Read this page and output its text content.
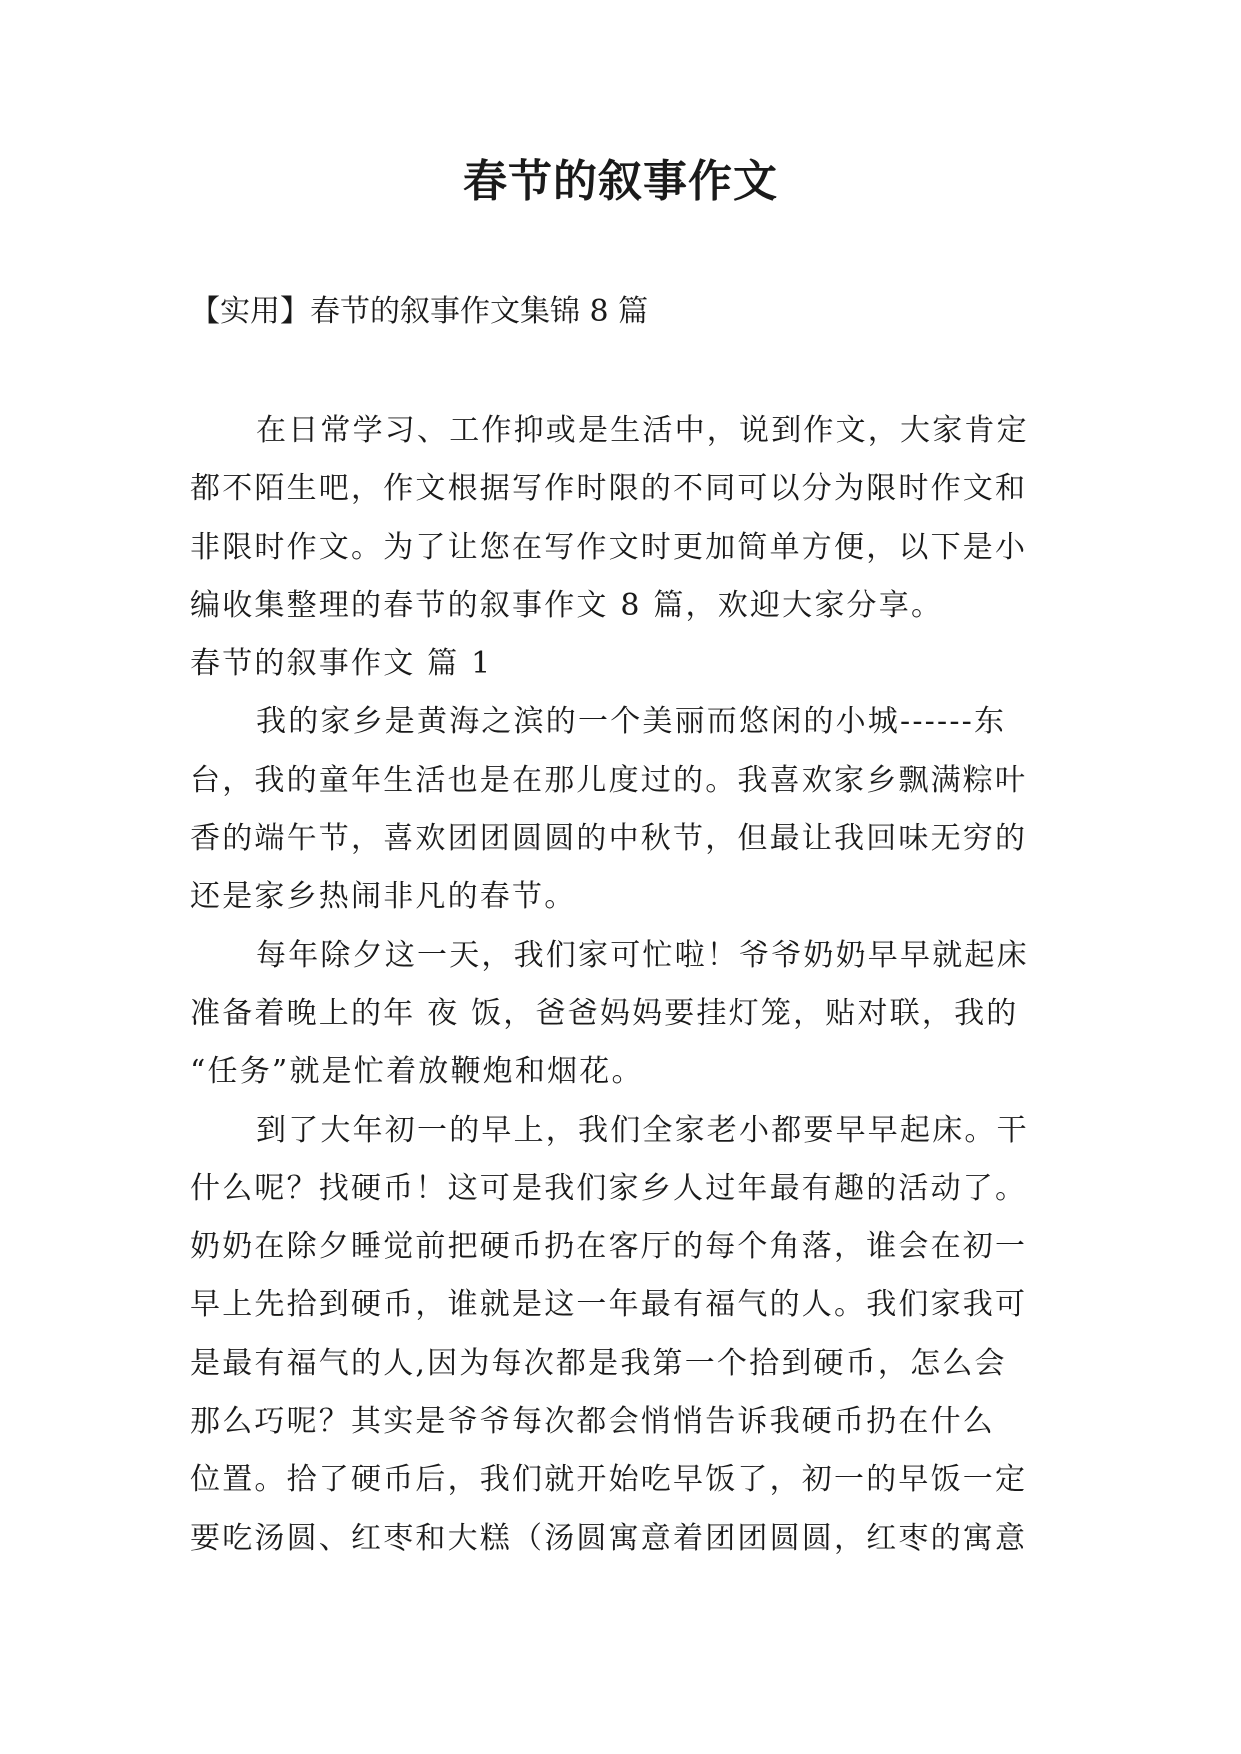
春节的叙事作文

【实用】春节的叙事作文集锦 8 篇

在日常学习、工作抑或是生活中，说到作文，大家肯定
都不陌生吧，作文根据写作时限的不同可以分为限时作文和
非限时作文。为了让您在写作文时更加简单方便，以下是小
编收集整理的春节的叙事作文 8 篇，欢迎大家分享。
春节的叙事作文 篇 1
我的家乡是黄海之滨的一个美丽而悠闲的小城------东
台，我的童年生活也是在那儿度过的。我喜欢家乡飘满粽叶
香的端午节，喜欢团团圆圆的中秋节，但最让我回味无穷的
还是家乡热闹非凡的春节。
每年除夕这一天，我们家可忙啦！爷爷奶奶早早就起床
准备着晚上的年 夜 饭，爸爸妈妈要挂灯笼，贴对联，我的
“任务”就是忙着放鞭炮和烟花。
到了大年初一的早上，我们全家老小都要早早起床。干
什么呢？找硬币！这可是我们家乡人过年最有趣的活动了。
奶奶在除夕睡觉前把硬币扔在客厅的每个角落，谁会在初一
早上先拾到硬币，谁就是这一年最有福气的人。我们家我可
是最有福气的人,因为每次都是我第一个拾到硬币，怎么会
那么巧呢？其实是爷爷每次都会悄悄告诉我硬币扔在什么
位置。拾了硬币后，我们就开始吃早饭了，初一的早饭一定
要吃汤圆、红枣和大糕（汤圆寓意着团团圆圆，红枣的寓意
